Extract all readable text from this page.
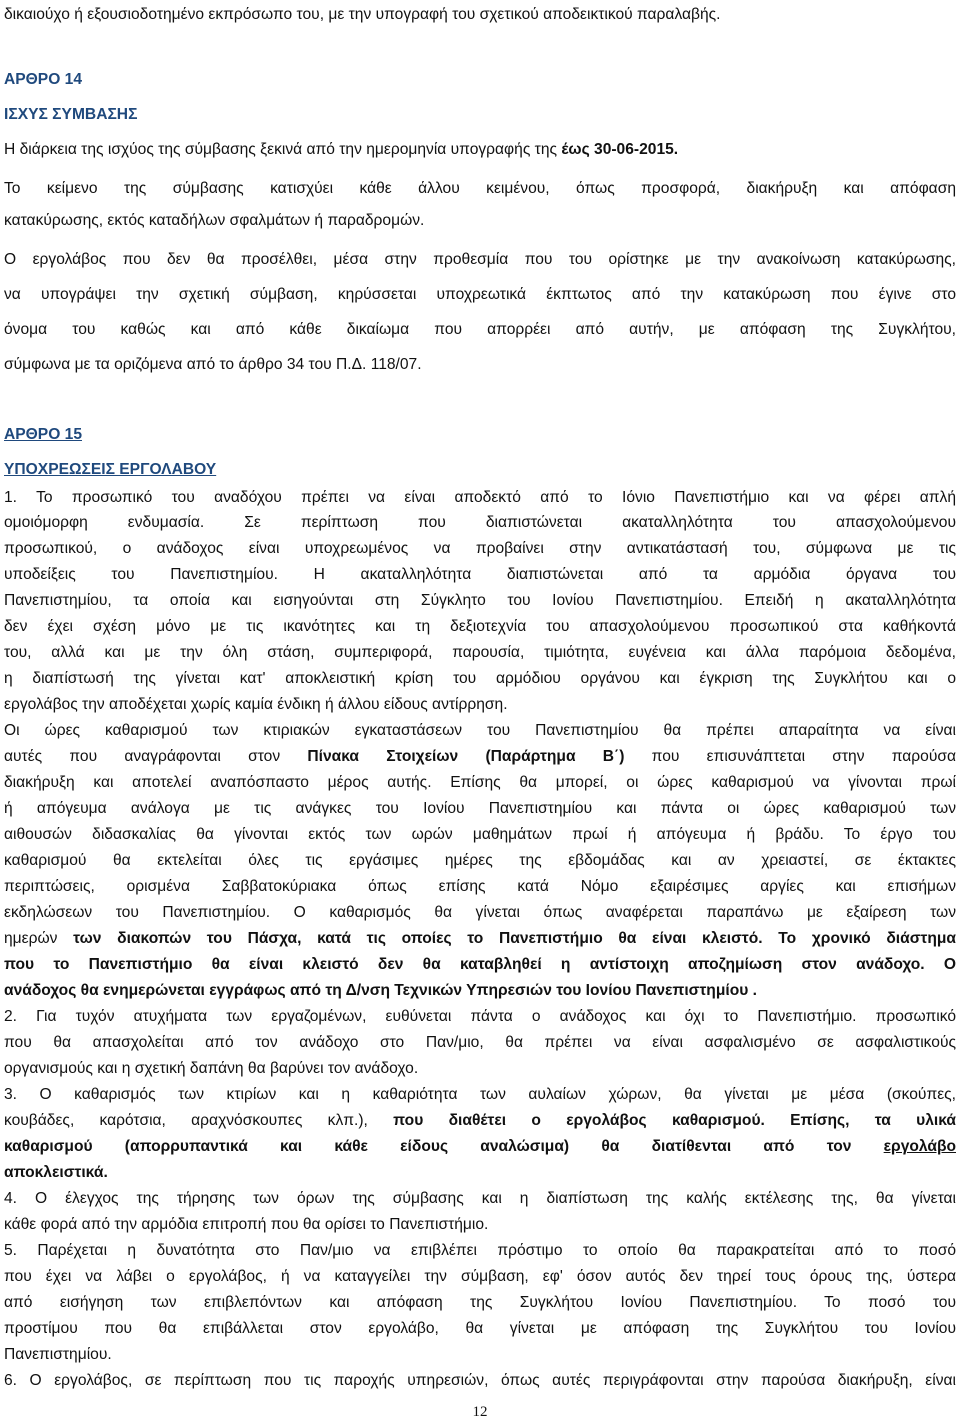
δικαιούχο ή εξουσιοδοτημένο εκπρόσωπο του, με την υπογραφή του σχετικού αποδεικτικού παραλαβής.
ΑΡΘΡΟ 14
ΙΣΧΥΣ ΣΥΜΒΑΣΗΣ
Η διάρκεια της ισχύος της σύμβασης ξεκινά από την ημερομηνία υπογραφής της έως 30-06-2015.
Το κείμενο της σύμβασης κατισχύει κάθε άλλου κειμένου, όπως προσφορά, διακήρυξη και απόφαση
κατακύρωσης, εκτός καταδήλων σφαλμάτων ή παραδρομών.
Ο εργολάβος που δεν θα προσέλθει, μέσα στην προθεσμία που του ορίστηκε με την ανακοίνωση κατακύρωσης,
να υπογράψει την σχετική σύμβαση, κηρύσσεται υποχρεωτικά έκπτωτος από την κατακύρωση που έγινε στο
όνομα του καθώς και από κάθε δικαίωμα που απορρέει από αυτήν, με απόφαση της Συγκλήτου,
σύμφωνα με τα οριζόμενα από το άρθρο 34 του Π.Δ. 118/07.
ΑΡΘΡΟ 15
ΥΠΟΧΡΕΩΣΕΙΣ ΕΡΓΟΛΑΒΟΥ
1. Το προσωπικό του αναδόχου πρέπει να είναι αποδεκτό από το Ιόνιο Πανεπιστήμιο και να φέρει απλή
ομοιόμορφη ενδυμασία. Σε περίπτωση που διαπιστώνεται ακαταλληλότητα του απασχολούμενου
προσωπικού, ο ανάδοχος είναι υποχρεωμένος να προβαίνει στην αντικατάστασή του, σύμφωνα με τις
υποδείξεις του Πανεπιστημίου. Η ακαταλληλότητα διαπιστώνεται από τα αρμόδια όργανα του
Πανεπιστημίου, τα οποία και εισηγούνται στη Σύγκλητο του Ιονίου Πανεπιστημίου. Επειδή η ακαταλληλότητα
δεν έχει σχέση μόνο με τις ικανότητες και τη δεξιοτεχνία του απασχολούμενου προσωπικού στα καθήκοντά
του, αλλά και με την όλη στάση, συμπεριφορά, παρουσία, τιμιότητα, ευγένεια και άλλα παρόμοια δεδομένα,
η διαπίστωσή της γίνεται κατ' αποκλειστική κρίση του αρμόδιου οργάνου και έγκριση της Συγκλήτου και ο
εργολάβος την αποδέχεται χωρίς καμία ένδικη ή άλλου είδους αντίρρηση.
Οι ώρες καθαρισμού των κτιριακών εγκαταστάσεων του Πανεπιστημίου θα πρέπει απαραίτητα να είναι
αυτές που αναγράφονται στον Πίνακα Στοιχείων (Παράρτημα Β΄) που επισυνάπτεται στην παρούσα
διακήρυξη και αποτελεί αναπόσπαστο μέρος αυτής. Επίσης θα μπορεί, οι ώρες καθαρισμού να γίνονται πρωί
ή απόγευμα ανάλογα με τις ανάγκες του Ιονίου Πανεπιστημίου και πάντα οι ώρες καθαρισμού των
αιθουσών διδασκαλίας θα γίνονται εκτός των ωρών μαθημάτων πρωί ή απόγευμα ή βράδυ. Το έργο του
καθαρισμού θα εκτελείται όλες τις εργάσιμες ημέρες της εβδομάδας και αν χρειαστεί, σε έκτακτες
περιπτώσεις, ορισμένα Σαββατοκύριακα όπως επίσης κατά Νόμο εξαιρέσιμες αργίες και επισήμων
εκδηλώσεων του Πανεπιστημίου. Ο καθαρισμός θα γίνεται όπως αναφέρεται παραπάνω με εξαίρεση των
ημερών των διακοπών του Πάσχα, κατά τις οποίες το Πανεπιστήμιο θα είναι κλειστό. Το χρονικό διάστημα
που το Πανεπιστήμιο θα είναι κλειστό δεν θα καταβληθεί η αντίστοιχη αποζημίωση στον ανάδοχο. Ο
ανάδοχος θα ενημερώνεται εγγράφως από τη Δ/νση Τεχνικών Υπηρεσιών του Ιονίου Πανεπιστημίου .
2. Για τυχόν ατυχήματα των εργαζομένων, ευθύνεται πάντα ο ανάδοχος και όχι το Πανεπιστήμιο. προσωπικό
που θα απασχολείται από τον ανάδοχο στο Παν/μιο, θα πρέπει να είναι ασφαλισμένο σε ασφαλιστικούς
οργανισμούς και η σχετική δαπάνη θα βαρύνει τον ανάδοχο.
3. Ο καθαρισμός των κτιρίων και η καθαριότητα των αυλαίων χώρων, θα γίνεται με μέσα (σκούπες,
κουβάδες, καρότσια, αραχνόσκουπες κλπ.), που διαθέτει ο εργολάβος καθαρισμού. Επίσης, τα υλικά
καθαρισμού (απορρυπαντικά και κάθε είδους αναλώσιμα) θα διατίθενται από τον εργολάβο
αποκλειστικά.
4. Ο έλεγχος της τήρησης των όρων της σύμβασης και η διαπίστωση της καλής εκτέλεσης της, θα γίνεται
κάθε φορά από την αρμόδια επιτροπή που θα ορίσει το Πανεπιστήμιο.
5. Παρέχεται η δυνατότητα στο Παν/μιο να επιβλέπει πρόστιμο το οποίο θα παρακρατείται από το ποσό
που έχει να λάβει ο εργολάβος, ή να καταγγείλει την σύμβαση, εφ' όσον αυτός δεν τηρεί τους όρους της, ύστερα
από εισήγηση των επιβλεπόντων και απόφαση της Συγκλήτου Ιονίου Πανεπιστημίου. Το ποσό του
προστίμου που θα επιβάλλεται στον εργολάβο, θα γίνεται με απόφαση της Συγκλήτου του Ιονίου
Πανεπιστημίου.
6. Ο εργολάβος, σε περίπτωση που τις παροχής υπηρεσιών, όπως αυτές περιγράφονται στην παρούσα διακήρυξη, είναι
12
